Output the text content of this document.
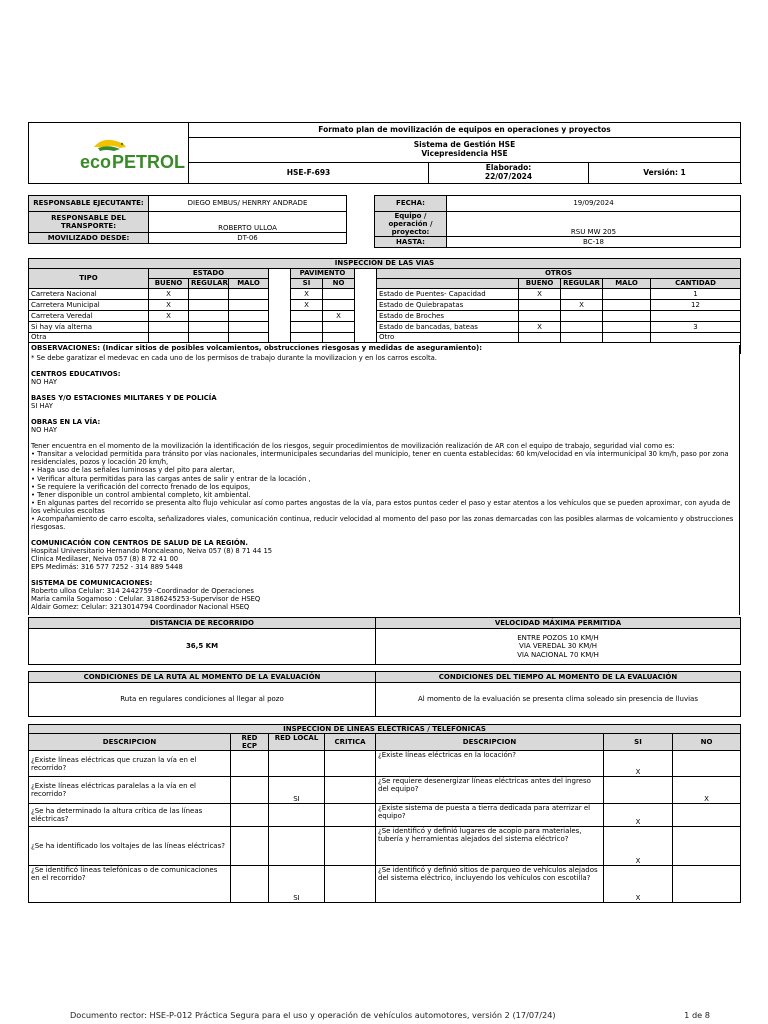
eco PETROL	Formato plan de movilización de equipos en operaciones y proyectos		

	Sistema de Gestión HSE
Vicepresidencia HSE		

	HSE-F-693	Elaborado:
22/07/2024	Versión: 1
RESPONSABLE EJECUTANTE:	DIEGO EMBUS/ HENRRY ANDRADE
RESPONSABLE DEL TRANSPORTE:	ROBERTO ULLOA
MOVILIZADO DESDE:	DT-06
FECHA:	19/09/2024
Equipo / operación / proyecto:	RSU MW 205
HASTA:	BC-18
INSPECCIÓN DE LAS VIAS												
TIPO	ESTADO				PAVIMENTO			OTROS				
	BUENO	REGULAR	MALO		SI	NO			BUENO	REGULAR	MALO	CANTIDAD
Carretera Nacional	X				X			Estado de Puentes- Capacidad	X			1
Carretera Municipal	X				X			Estado de Quiebrapatas		X		12
Carretera Veredal	X					X		Estado de Broches				
Si hay vía alterna								Estado de bancadas, bateas	X			3
Otra								Otro				
OBSERVACIONES: (Indicar sitios de posibles volcamientos, obstrucciones riesgosas y medidas de aseguramiento):												
* Se debe garatizar el medevac en cada uno de los permisos de trabajo durante la movilizacion y en los carros escolta.
CENTROS EDUCATIVOS:
NO HAY
BASES Y/O ESTACIONES MILITARES Y DE POLICÍA
SI HAY
OBRAS EN LA VÍA:
NO HAY
Tener encuentra en el momento de la movilización la identificación de los riesgos, seguir procedimientos de movilización realización de AR con el equipo de trabajo, seguridad vial como es:
• Transitar a velocidad permitida para tránsito por vías nacionales, intermunicipales secundarias del municipio, tener en cuenta establecidas: 60 km/velocidad en vía intermunicipal 30 km/h, paso por zona residenciales, pozos y locación 20 km/h,
• Haga uso de las señales luminosas y del pito para alertar,
• Verificar altura permitidas para las cargas antes de salir y entrar de la locación ,
• Se requiere la verificación del correcto frenado de los equipos,
• Tener disponible un control ambiental completo, kit ambiental.
• En algunas partes del recorrido se presenta alto flujo vehicular así como partes angostas de la vía, para estos puntos ceder el paso y estar atentos a los vehículos que se pueden aproximar, con ayuda de los vehículos escoltas
• Acompañamiento de carro escolta, señalizadores viales, comunicación continua, reducir velocidad al momento del paso por las zonas demarcadas con las posibles alarmas de volcamiento y obstrucciones riesgosas.
COMUNICACIÓN CON CENTROS DE SALUD DE LA REGIÓN.
Hospital Universitario Hernando Moncaleano, Neiva 057 (8) 8 71 44 15
Clinica Medilaser, Neiva 057 (8) 8 72 41 00
EPS Medimás: 316 577 7252 - 314 889 5448
SISTEMA DE COMUNICACIONES:
Roberto ulloa Celular: 314 2442759 -Coordinador de Operaciones
Maria camila Sogamoso : Celular. 3186245253-Supervisor de HSEQ
Aldair Gomez: Celular: 3213014794 Coordinador Nacional HSEQ
DISTANCIA DE RECORRIDO	VELOCIDAD MÁXIMA PERMITIDA
36,5 KM	ENTRE POZOS 10 KM/H
VIA VEREDAL 30 KM/H
VIA NACIONAL 70 KM/H
CONDICIONES DE LA RUTA AL MOMENTO DE LA EVALUACIÓN	CONDICIONES DEL TIEMPO AL MOMENTO DE LA EVALUACIÓN
Ruta en regulares condiciones al llegar al pozo	Al momento de la evaluación se presenta clima soleado sin presencia de lluvias
INSPECCION DE LÍNEAS ELÉCTRICAS / TELEFÓNICAS						
DESCRIPCION	RED ECP	RED LOCAL	CRITICA	DESCRIPCION	SI	NO
¿Existe líneas eléctricas que cruzan la vía en el recorrido?				¿Existe líneas eléctricas en la locación?	X	
¿Existe líneas eléctricas paralelas a la vía en el recorrido?		SI		¿Se requiere desenergizar líneas eléctricas antes del ingreso del equipo?		X
¿Se ha determinado la altura crítica de las líneas eléctricas?				¿Existe sistema de puesta a tierra dedicada para aterrizar el equipo?	X	
¿Se ha identificado los voltajes de las líneas eléctricas?				¿Se identificó y definió lugares de acopio para materiales, tubería y herramientas alejados del sistema eléctrico?	X	
¿Se identificó líneas telefónicas o de comunicaciones en el recorrido?		SI		¿Se identificó y definió sitios de parqueo de vehículos alejados del sistema eléctrico, incluyendo los vehículos con escotilla?	X	
Documento rector: HSE-P-012 Práctica Segura para el uso y operación de vehículos automotores, versión 2 (17/07/24)	1 de 8
